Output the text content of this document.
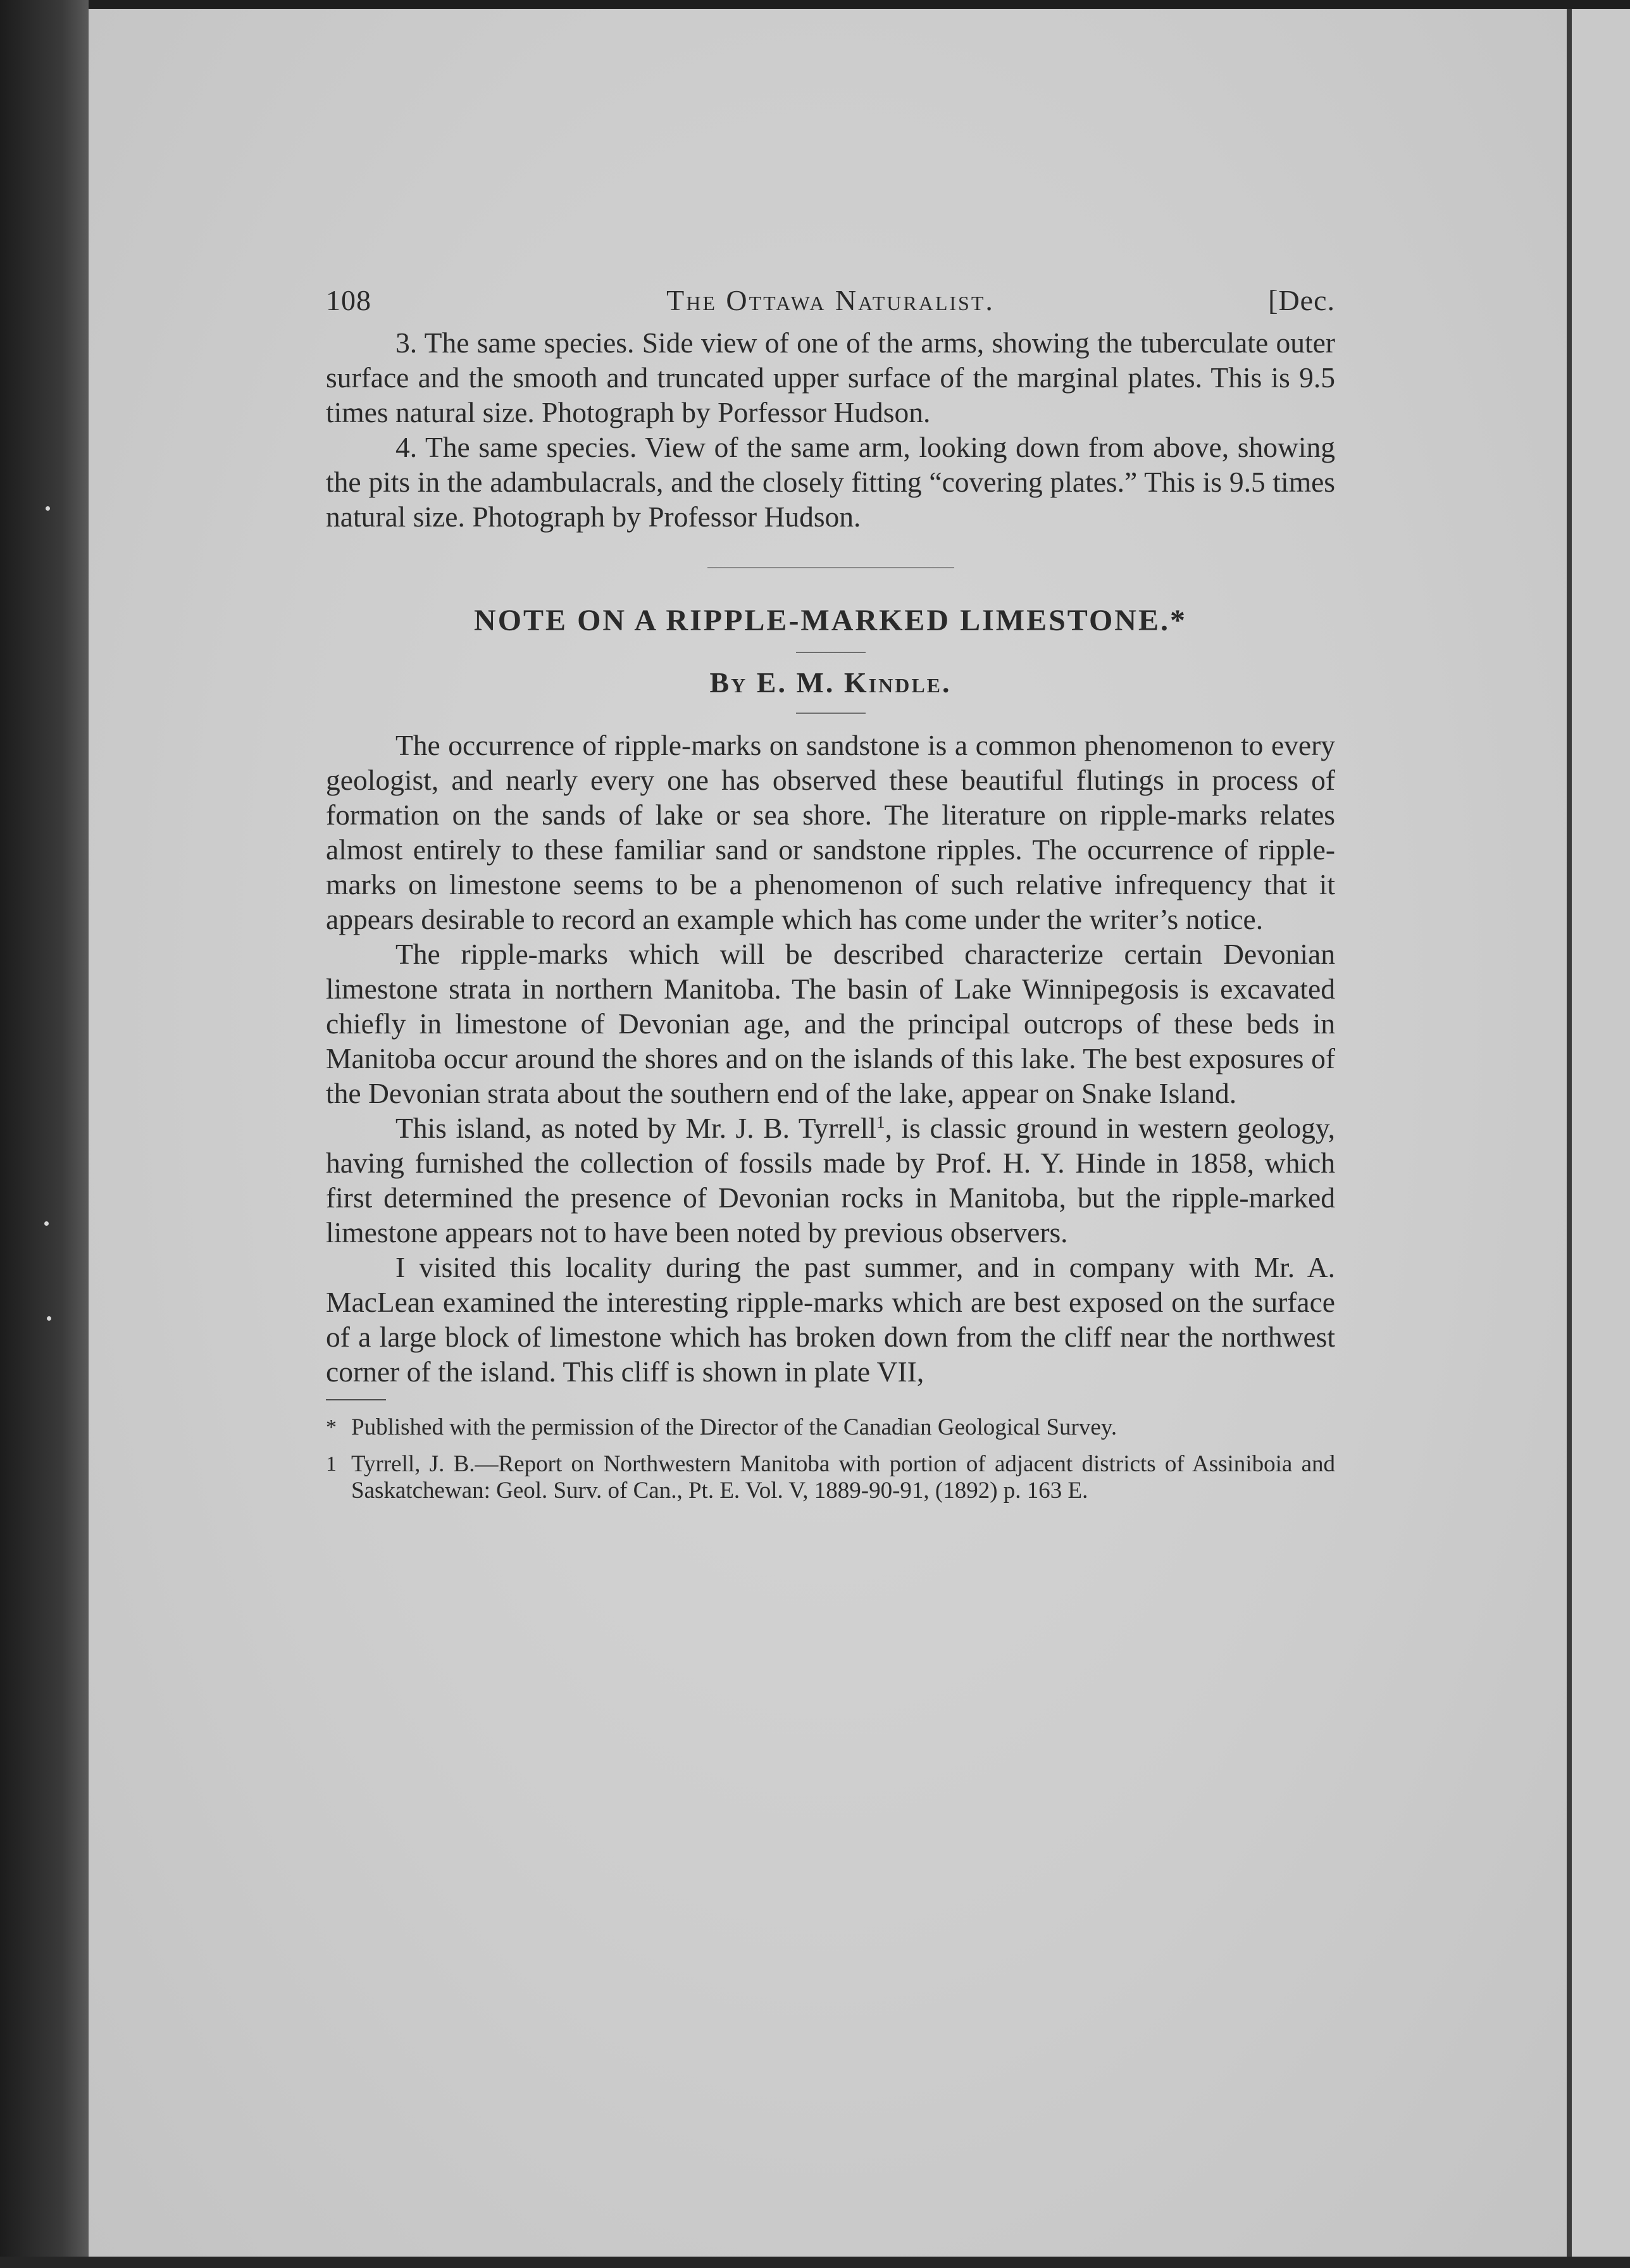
108	The Ottawa Naturalist.	[Dec.

3. The same species. Side view of one of the arms, showing the tuberculate outer surface and the smooth and truncated upper surface of the marginal plates. This is 9.5 times natural size. Photograph by Porfessor Hudson.

4. The same species. View of the same arm, looking down from above, showing the pits in the adambulacrals, and the closely fitting “covering plates.” This is 9.5 times natural size. Photograph by Professor Hudson.

NOTE ON A RIPPLE-MARKED LIMESTONE.*
By E. M. Kindle.

The occurrence of ripple-marks on sandstone is a common phenomenon to every geologist, and nearly every one has observed these beautiful flutings in process of formation on the sands of lake or sea shore. The literature on ripple-marks relates almost entirely to these familiar sand or sandstone ripples. The occurrence of ripple-marks on limestone seems to be a phenomenon of such relative infrequency that it appears desirable to record an example which has come under the writer’s notice.

The ripple-marks which will be described characterize certain Devonian limestone strata in northern Manitoba. The basin of Lake Winnipegosis is excavated chiefly in limestone of Devonian age, and the principal outcrops of these beds in Manitoba occur around the shores and on the islands of this lake. The best exposures of the Devonian strata about the southern end of the lake, appear on Snake Island.

This island, as noted by Mr. J. B. Tyrrell$^1$, is classic ground in western geology, having furnished the collection of fossils made by Prof. H. Y. Hinde in 1858, which first determined the presence of Devonian rocks in Manitoba, but the ripple-marked limestone appears not to have been noted by previous observers.

I visited this locality during the past summer, and in company with Mr. A. MacLean examined the interesting ripple-marks which are best exposed on the surface of a large block of limestone which has broken down from the cliff near the northwest corner of the island. This cliff is shown in plate VII,

* Published with the permission of the Director of the Canadian Geological Survey.

1 Tyrrell, J. B.—Report on Northwestern Manitoba with portion of adjacent districts of Assiniboia and Saskatchewan: Geol. Surv. of Can., Pt. E. Vol. V, 1889-90-91, (1892) p. 163 E.
